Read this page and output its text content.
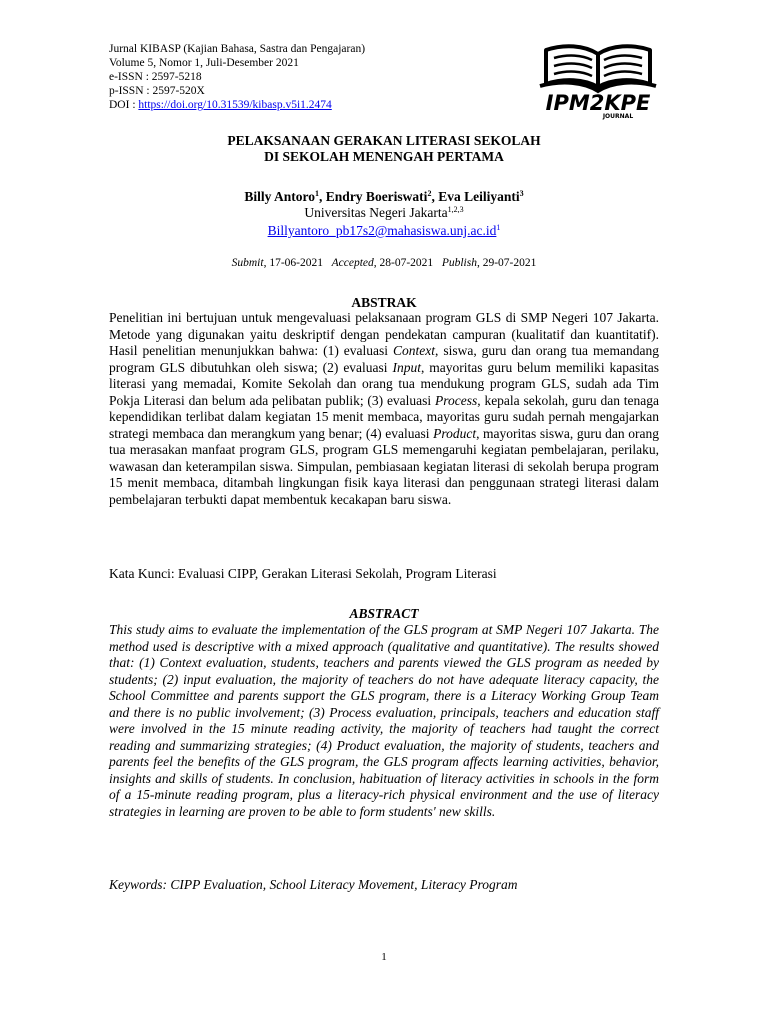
Jurnal KIBASP (Kajian Bahasa, Sastra dan Pengajaran)
Volume 5, Nomor 1, Juli-Desember 2021
e-ISSN : 2597-5218
p-ISSN : 2597-520X
DOI : https://doi.org/10.31539/kibasp.v5i1.2474	IPM2KPE
JOURNAL
PELAKSANAAN GERAKAN LITERASI SEKOLAH
DI SEKOLAH MENENGAH PERTAMA
Billy Antoro$^1$, Endry Boeriswati$^2$, Eva Leiliyanti$^3$
Universitas Negeri Jakarta$^{1,2,3}$
$Billyantoro\_pb17s2@mahasiswa.unj.ac.id^1$
Submit, 17-06-2021 Accepted, 28-07-2021 Publish, 29-07-2021
ABSTRAK
Penelitian ini bertujuan untuk mengevaluasi pelaksanaan program GLS di SMP Negeri 107 Jakarta. Metode yang digunakan yaitu deskriptif dengan pendekatan campuran (kualitatif dan kuantitatif). Hasil penelitian menunjukkan bahwa: (1) evaluasi Context, siswa, guru dan orang tua memandang program GLS dibutuhkan oleh siswa; (2) evaluasi Input, mayoritas guru belum memiliki kapasitas literasi yang memadai, Komite Sekolah dan orang tua mendukung program GLS, sudah ada Tim Pokja Literasi dan belum ada pelibatan publik; (3) evaluasi Process, kepala sekolah, guru dan tenaga kependidikan terlibat dalam kegiatan 15 menit membaca, mayoritas guru sudah pernah mengajarkan strategi membaca dan merangkum yang benar; (4) evaluasi Product, mayoritas siswa, guru dan orang tua merasakan manfaat program GLS, program GLS memengaruhi kegiatan pembelajaran, perilaku, wawasan dan keterampilan siswa. Simpulan, pembiasaan kegiatan literasi di sekolah berupa program 15 menit membaca, ditambah lingkungan fisik kaya literasi dan penggunaan strategi literasi dalam pembelajaran terbukti dapat membentuk kecakapan baru siswa.
Kata Kunci: Evaluasi CIPP, Gerakan Literasi Sekolah, Program Literasi
ABSTRACT
This study aims to evaluate the implementation of the GLS program at SMP Negeri 107 Jakarta. The method used is descriptive with a mixed approach (qualitative and quantitative). The results showed that: (1) Context evaluation, students, teachers and parents viewed the GLS program as needed by students; (2) input evaluation, the majority of teachers do not have adequate literacy capacity, the School Committee and parents support the GLS program, there is a Literacy Working Group Team and there is no public involvement; (3) Process evaluation, principals, teachers and education staff were involved in the 15 minute reading activity, the majority of teachers had taught the correct reading and summarizing strategies; (4) Product evaluation, the majority of students, teachers and parents feel the benefits of the GLS program, the GLS program affects learning activities, behavior, insights and skills of students. In conclusion, habituation of literacy activities in schools in the form of a 15-minute reading program, plus a literacy-rich physical environment and the use of literacy strategies in learning are proven to be able to form students' new skills.
Keywords: CIPP Evaluation, School Literacy Movement, Literacy Program
1
